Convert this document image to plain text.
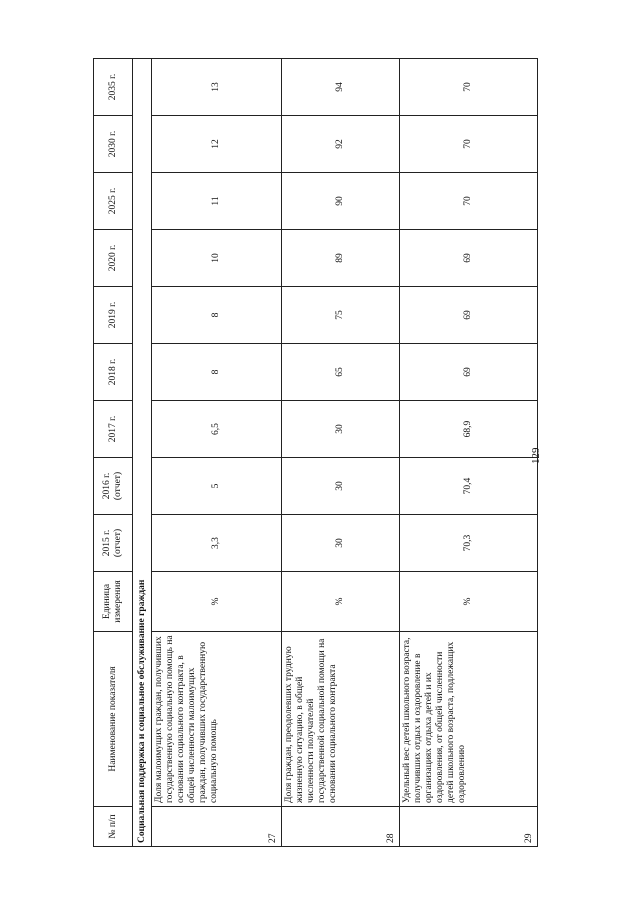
№ п/п	Наименование показателя	Единица измерения	2015 г. (отчет)	2016 г. (отчет)	2017 г.	2018 г.	2019 г.	2020 г.	2025 г.	2030 г.	2035 г.
Социальная поддержка и социальное обслуживание граждан											
27	Доля малоимущих граждан, получивших государственную социальную помощь на основании социального контракта, в общей численности малоимущих граждан, получивших государственную социальную помощь	%	3,3	5	6,5	8	8	10	11	12	13
28	Доля граждан, преодолевших трудную жизненную ситуацию, в общей численности получателей государственной социальной помощи на основании социального контракта	%	30	30	30	65	75	89	90	92	94
29	Удельный вес детей школьного возраста, получивших отдых и оздоровление в организациях отдыха детей и их оздоровления, от общей численности детей школьного возраста, подлежащих оздоровлению	%	70,3	70,4	68,9	69	69	69	70	70	70
129
